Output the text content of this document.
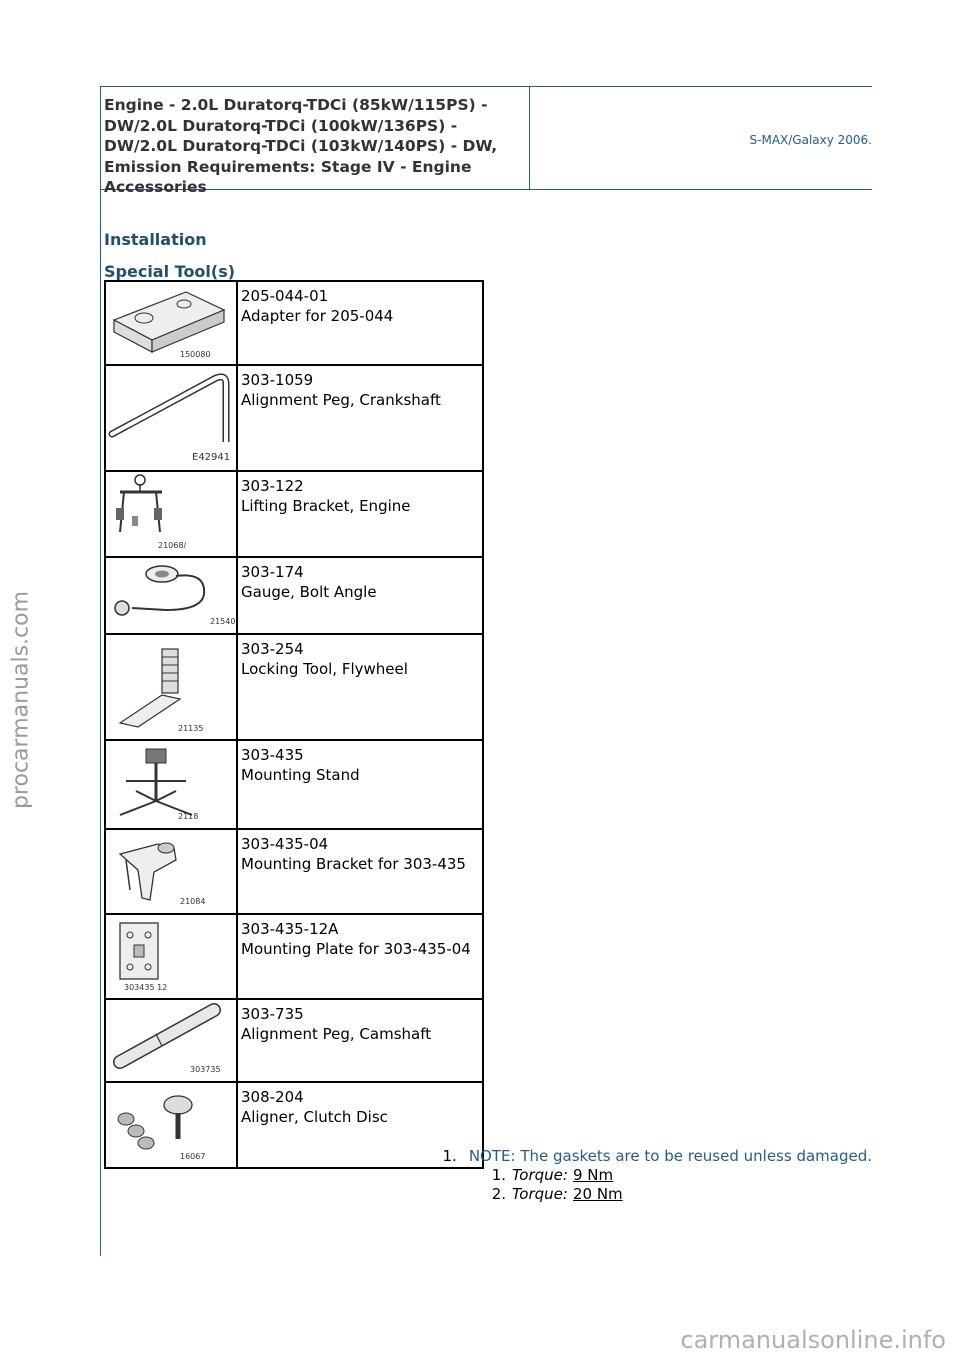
procarmanuals.com
carmanualsonline.info
Engine - 2.0L Duratorq-TDCi (85kW/115PS) - DW/2.0L Duratorq-TDCi (100kW/136PS) - DW/2.0L Duratorq-TDCi (103kW/140PS) - DW, Emission Requirements: Stage IV - Engine Accessories
S-MAX/Galaxy 2006.
Installation
Special Tool(s)
150080	205-044-01
Adapter for 205-044

E42941	303-1059
Alignment Peg, Crankshaft

21068/	303-122
Lifting Bracket, Engine

21540	303-174
Gauge, Bolt Angle

21135	303-254
Locking Tool, Flywheel

2118	303-435
Mounting Stand

21084	303-435-04
Mounting Bracket for 303-435

303435 12	303-435-12A
Mounting Plate for 303-435-04

303735	303-735
Alignment Peg, Camshaft

16067	308-204
Aligner, Clutch Disc
1. NOTE: The gaskets are to be reused unless damaged.
1. Torque: 9 Nm
2. Torque: 20 Nm
